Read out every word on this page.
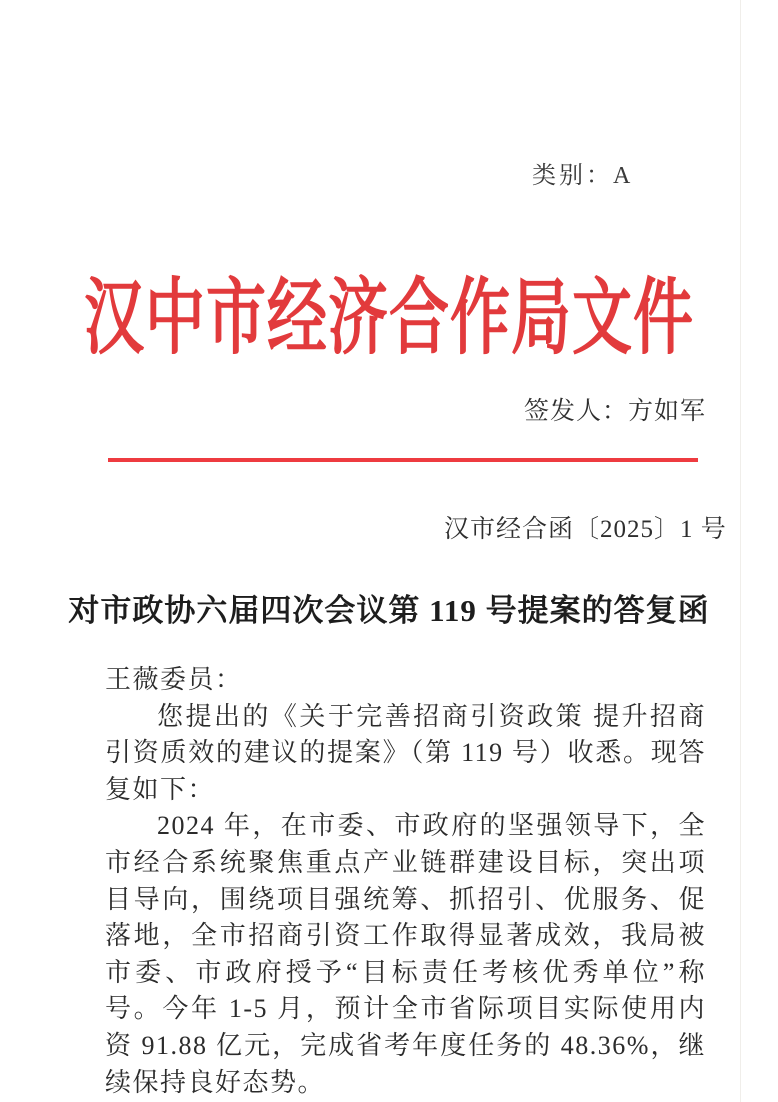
类别：A
汉中市经济合作局文件
签发人：方如军
汉市经合函〔2025〕1 号
对市政协六届四次会议第 119 号提案的答复函

王薇委员：

您提出的《关于完善招商引资政策 提升招商引资质效的建议的提案》（第 119 号）收悉。现答复如下：

2024 年，在市委、市政府的坚强领导下，全市经合系统聚焦重点产业链群建设目标，突出项目导向，围绕项目强统筹、抓招引、优服务、促落地，全市招商引资工作取得显著成效，我局被市委、市政府授予“目标责任考核优秀单位”称号。今年 1-5 月，预计全市省际项目实际使用内资 91.88 亿元，完成省考年度任务的 48.36%，继续保持良好态势。
